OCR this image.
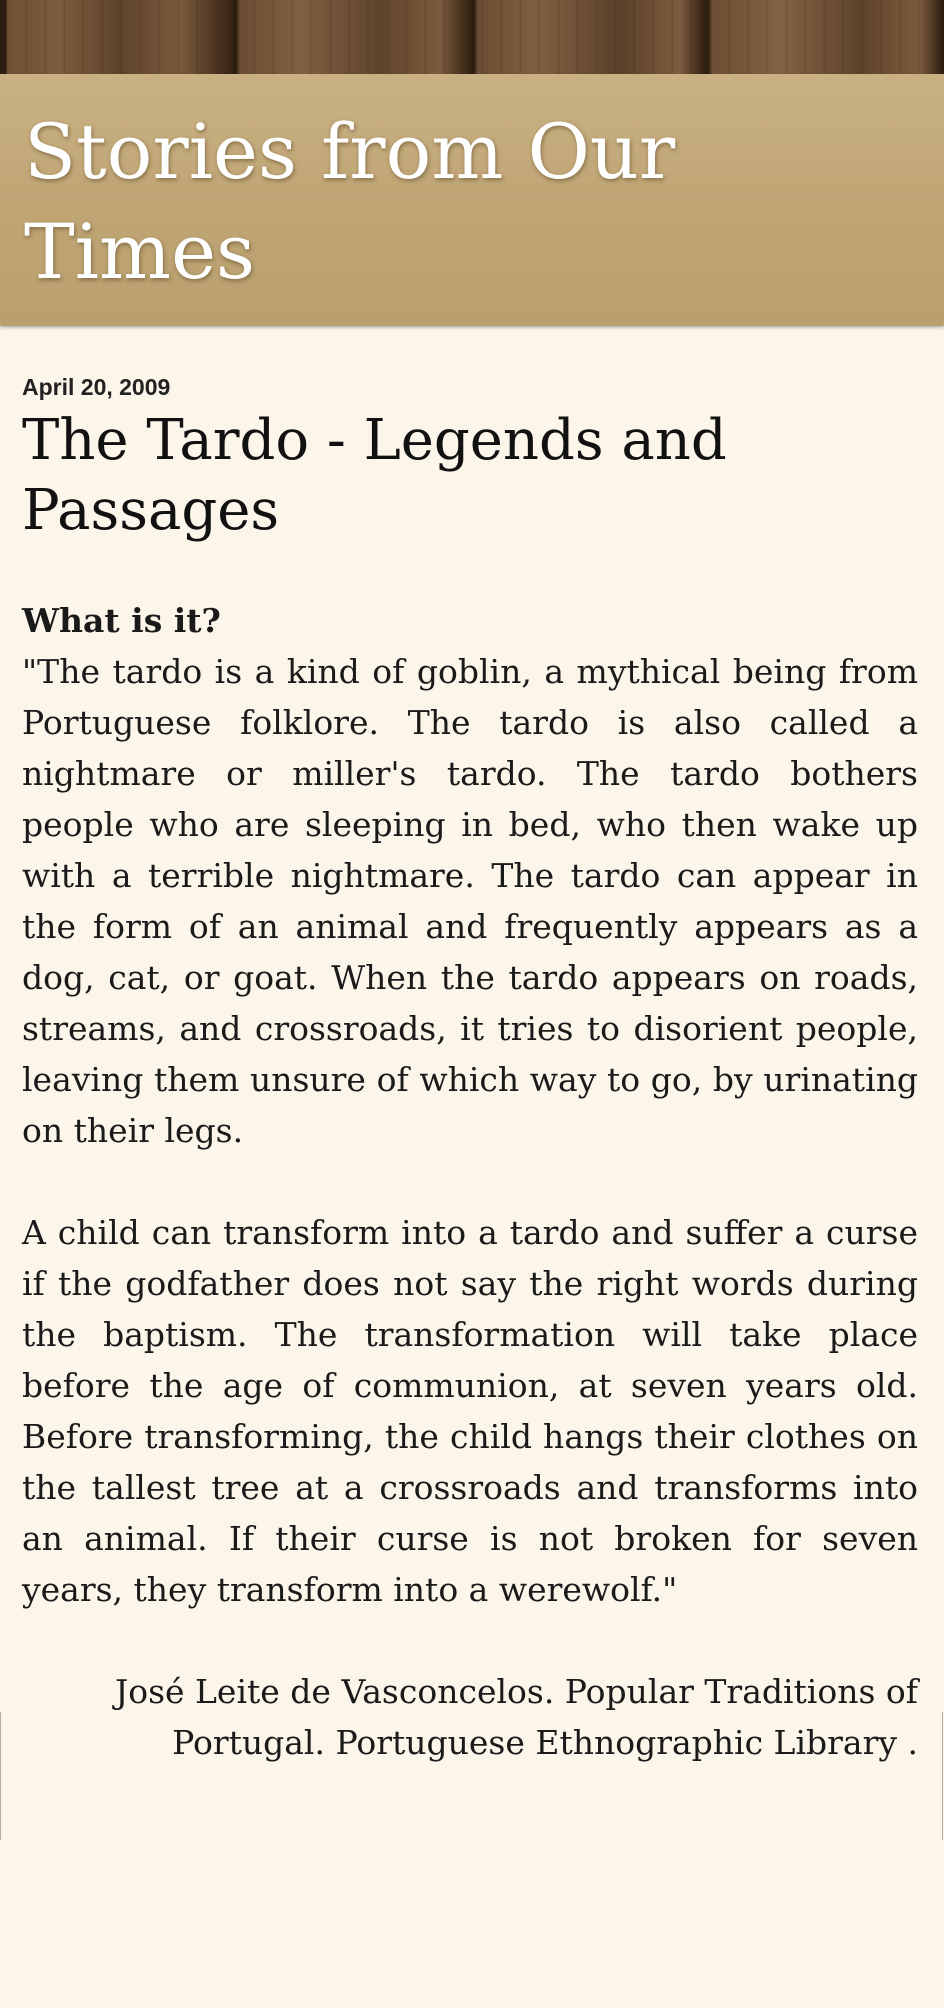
Stories from Our Times

April 20, 2009

The Tardo - Legends and Passages
What is it?

"The tardo is a kind of goblin, a mythical being from Portuguese folklore. The tardo is also called a nightmare or miller's tardo. The tardo bothers people who are sleeping in bed, who then wake up with a terrible nightmare. The tardo can appear in the form of an animal and frequently appears as a dog, cat, or goat. When the tardo appears on roads, streams, and crossroads, it tries to disorient people, leaving them unsure of which way to go, by urinating on their legs.

A child can transform into a tardo and suffer a curse if the godfather does not say the right words during the baptism. The transformation will take place before the age of communion, at seven years old. Before transforming, the child hangs their clothes on the tallest tree at a crossroads and transforms into an animal. If their curse is not broken for seven years, they transform into a werewolf."

José Leite de Vasconcelos. Popular Traditions of Portugal. Portuguese Ethnographic Library .
